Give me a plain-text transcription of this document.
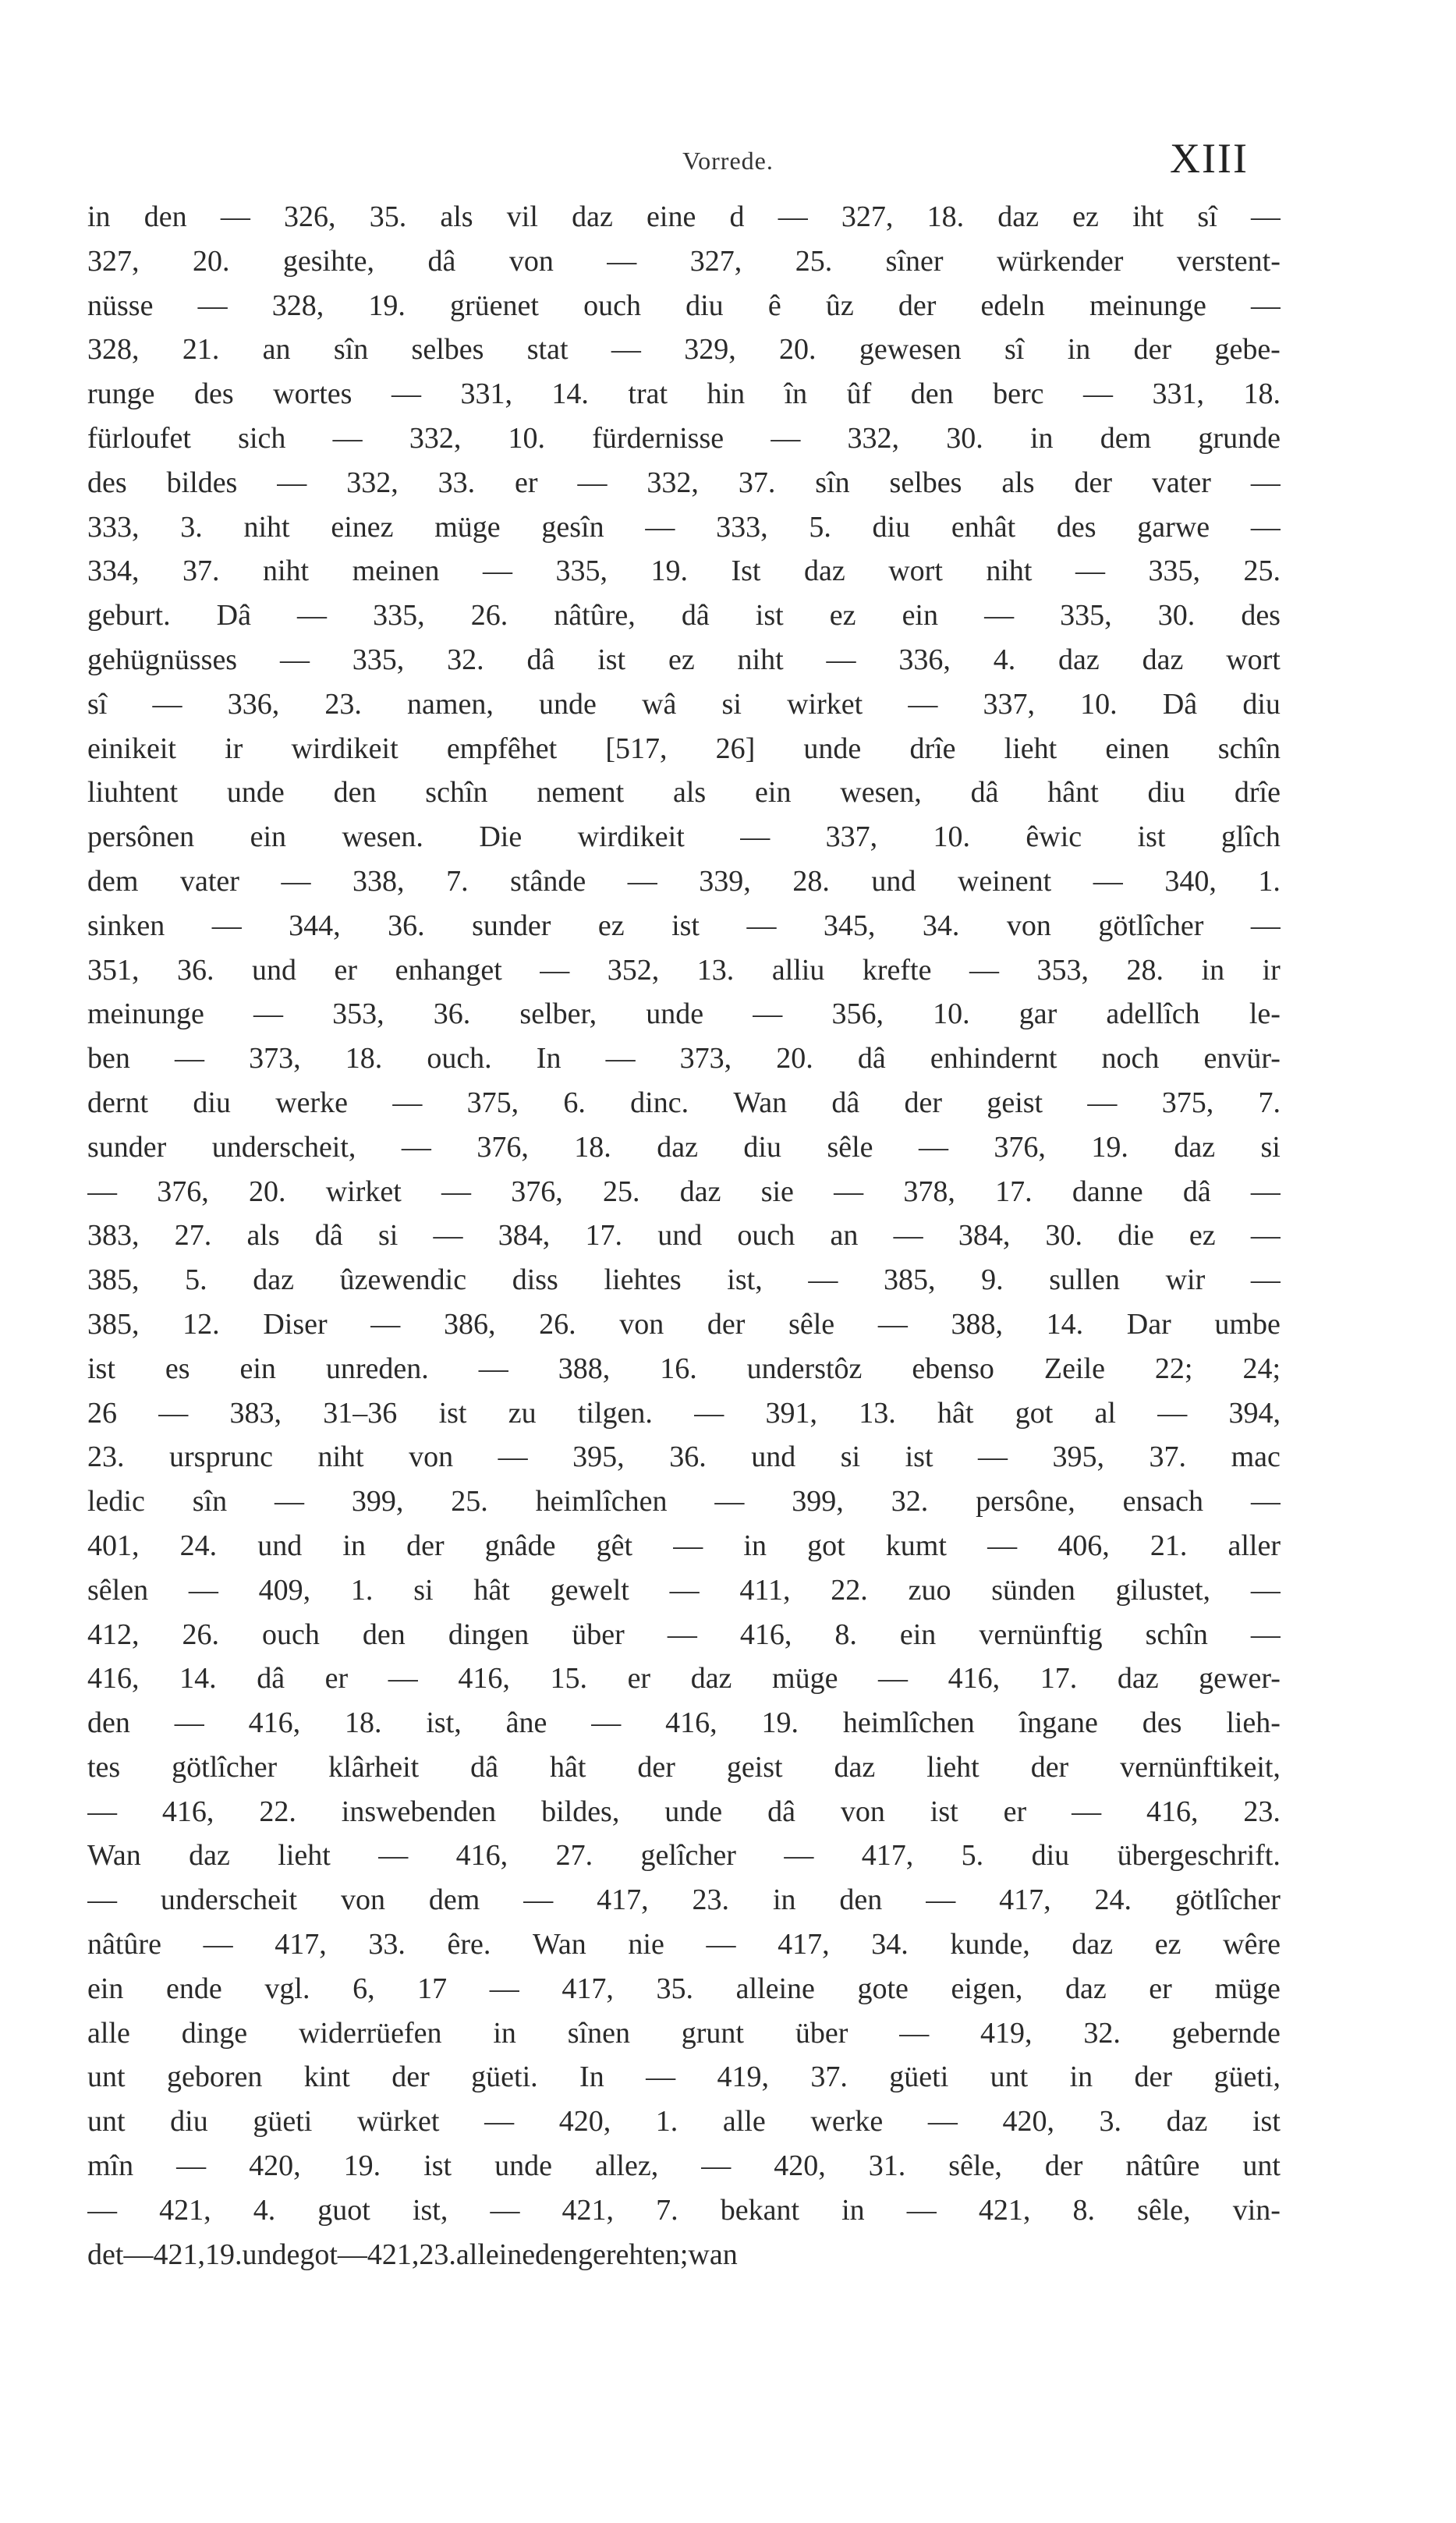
Vorrede.	XIII
in den — 326, 35. als vil daz eine d — 327, 18. daz ez iht sî —
327, 20. gesihte, dâ von — 327, 25. sîner würkender verstent-
nüsse — 328, 19. grüenet ouch diu ê ûz der edeln meinunge —
328, 21. an sîn selbes stat — 329, 20. gewesen sî in der gebe-
runge des wortes — 331, 14. trat hin în ûf den berc — 331, 18.
fürloufet sich — 332, 10. fürdernisse — 332, 30. in dem grunde
des bildes — 332, 33. er — 332, 37. sîn selbes als der vater —
333, 3. niht einez müge gesîn — 333, 5. diu enhât des garwe —
334, 37. niht meinen — 335, 19. Ist daz wort niht — 335, 25.
geburt. Dâ — 335, 26. nâtûre, dâ ist ez ein — 335, 30. des
gehügnüsses — 335, 32. dâ ist ez niht — 336, 4. daz daz wort
sî — 336, 23. namen, unde wâ si wirket — 337, 10. Dâ diu
einikeit ir wirdikeit empfêhet [517, 26] unde drîe lieht einen schîn
liuhtent unde den schîn nement als ein wesen, dâ hânt diu drîe
persônen ein wesen. Die wirdikeit — 337, 10. êwic ist glîch
dem vater — 338, 7. stânde — 339, 28. und weinent — 340, 1.
sinken — 344, 36. sunder ez ist — 345, 34. von götlîcher —
351, 36. und er enhanget — 352, 13. alliu krefte — 353, 28. in ir
meinunge — 353, 36. selber, unde — 356, 10. gar adellîch le-
ben — 373, 18. ouch. In — 373, 20. dâ enhindernt noch envür-
dernt diu werke — 375, 6. dinc. Wan dâ der geist — 375, 7.
sunder underscheit, — 376, 18. daz diu sêle — 376, 19. daz si
— 376, 20. wirket — 376, 25. daz sie — 378, 17. danne dâ —
383, 27. als dâ si — 384, 17. und ouch an — 384, 30. die ez —
385, 5. daz ûzewendic diss liehtes ist, — 385, 9. sullen wir —
385, 12. Diser — 386, 26. von der sêle — 388, 14. Dar umbe
ist es ein unreden. — 388, 16. understôz ebenso Zeile 22; 24;
26 — 383, 31–36 ist zu tilgen. — 391, 13. hât got al — 394,
23. ursprunc niht von — 395, 36. und si ist — 395, 37. mac
ledic sîn — 399, 25. heimlîchen — 399, 32. persône, ensach —
401, 24. und in der gnâde gêt — in got kumt — 406, 21. aller
sêlen — 409, 1. si hât gewelt — 411, 22. zuo sünden gilustet, —
412, 26. ouch den dingen über — 416, 8. ein vernünftig schîn —
416, 14. dâ er — 416, 15. er daz müge — 416, 17. daz gewer-
den — 416, 18. ist, âne — 416, 19. heimlîchen îngane des lieh-
tes götlîcher klârheit dâ hât der geist daz lieht der vernünftikeit,
— 416, 22. inswebenden bildes, unde dâ von ist er — 416, 23.
Wan daz lieht — 416, 27. gelîcher — 417, 5. diu übergeschrift.
— underscheit von dem — 417, 23. in den — 417, 24. götlîcher
nâtûre — 417, 33. êre. Wan nie — 417, 34. kunde, daz ez wêre
ein ende vgl. 6, 17 — 417, 35. alleine gote eigen, daz er müge
alle dinge widerrüefen in sînen grunt über — 419, 32. geberndе
unt geboren kint der güeti. In — 419, 37. güeti unt in der güeti,
unt diu güeti würket — 420, 1. alle werke — 420, 3. daz ist
mîn — 420, 19. ist unde allez, — 420, 31. sêle, der nâtûre unt
— 421, 4. guot ist, — 421, 7. bekant in — 421, 8. sêle, vin-
det — 421, 19. unde got — 421, 23. alleine den gerehten; wan
